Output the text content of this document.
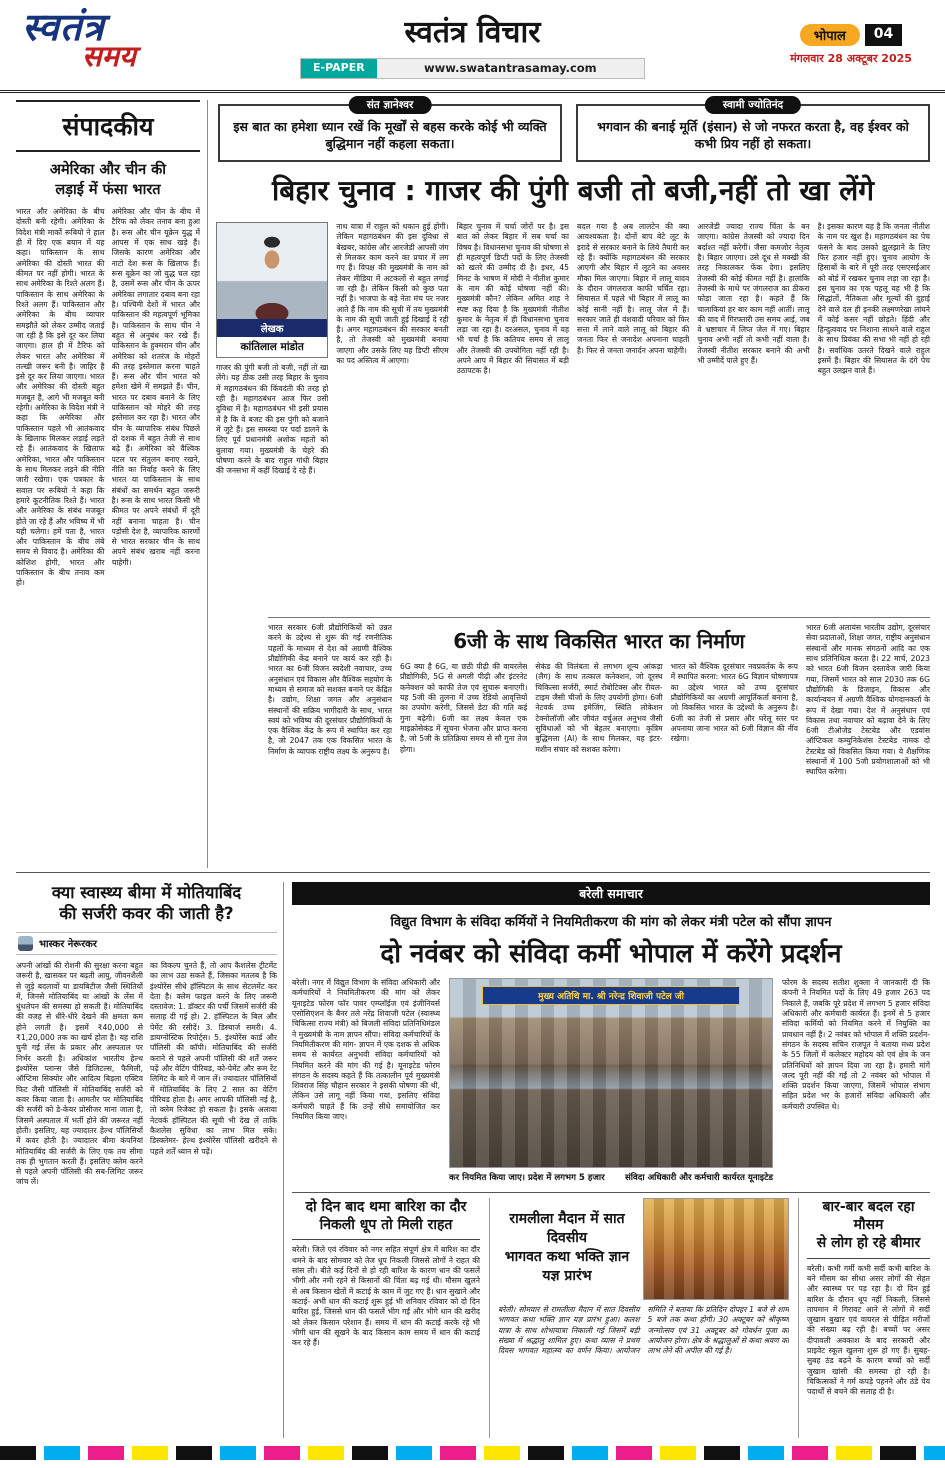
स्वतंत्र
समय
स्वतंत्र विचार
E-PAPER	www.swatantrasamay.com
भोपाल	04
मंगलवार 28 अक्टूबर 2025
संत ज्ञानेश्वर
इस बात का हमेशा ध्यान रखें कि मूर्खों से बहस करके कोई भी व्यक्ति बुद्धिमान नहीं कहला सकता।
स्वामी ज्योतिनंद
भगवान की बनाई मूर्ति (इंसान) से जो नफरत करता है, वह ईश्वर को कभी प्रिय नहीं हो सकता।
संपादकीय
अमेरिका और चीन की
लड़ाई में फंसा भारत
भारत और अमेरिका के बीच दोस्ती बनी रहेगी। अमेरिका के विदेश मंत्री मार्को रूबियो ने हाल ही में दिए एक बयान में यह कहा। पाकिस्तान के साथ अमेरिका की दोस्ती भारत की कीमत पर नहीं होगी। भारत के साथ अमेरिका के रिश्ते अलग हैं। पाकिस्तान के साथ अमेरिका के रिश्ते अलग हैं। पाकिस्तान और अमेरिका के बीच व्यापार समझौते को लेकर उम्मीद जताई जा रही है कि इसे दूर कर लिया जाएगा। हाल ही में टैरिफ को लेकर भारत और अमेरिका में तल्खी जरूर बनी है। जाहिर है इसे दूर कर लिया जाएगा। भारत और अमेरिका की दोस्ती बहुत मजबूत है, आगे भी मजबूत बनी रहेगी। अमेरिका के विदेश मंत्री ने कहा कि अमेरिका और पाकिस्तान पहले भी आतंकवाद के खिलाफ मिलकर लड़ाई लड़ते रहे हैं। आतंकवाद के खिलाफ अमेरिका, भारत और पाकिस्तान के साथ मिलकर लड़ने की नीति जारी रखेगा। एक पत्रकार के सवाल पर रूबियो ने कहा कि हमारे कूटनीतिक रिश्ते हैं। भारत और अमेरिका के संबंध मजबूत होते जा रहे हैं और भविष्य में भी यही चलेगा। हमें पता है, भारत और पाकिस्तान के बीच लंबे समय से विवाद है। अमेरिका की कोशिश होगी, भारत और पाकिस्तान के बीच तनाव कम हो।
अमेरिका और चीन के बीच में टैरिफ को लेकर तनाव बना हुआ है। रूस और चीन यूक्रेन युद्ध में आपस में एक साथ खड़े हैं। जिसके कारण अमेरिका और नाटो देश रूस के खिलाफ हैं। रूस यूक्रेन का जो युद्ध चल रहा है, उसमें रूस और चीन के ऊपर अमेरिका लगातार दबाव बना रहा है। पश्चिमी देशों में भारत और पाकिस्तान की महत्वपूर्ण भूमिका है। पाकिस्तान के साथ चीन ने बहुत से अनुबंध कर रखे हैं। पाकिस्तान के हुक्मरान चीन और अमेरिका को शतरंज के मोहरों की तरह इस्तेमाल करना चाहते हैं। रूस और चीन भारत को हमेशा खेमे में समझते हैं। चीन, भारत पर दबाव बनाने के लिए पाकिस्तान को मोहरे की तरह इस्तेमाल कर रहा है। भारत और चीन के व्यापारिक संबंध पिछले दो दशक में बहुत तेजी से साथ बढ़े हैं। अमेरिका को वैश्विक पटल पर संतुलन बनाए रखने, नीति का निर्वाह करने के लिए भारत या पाकिस्तान के साथ संबंधों का समर्थन बहुत जरूरी है। रूस के साथ भारत किसी भी कीमत पर अपने संबंधों में दूरी नहीं बनाना चाहता है। चीन पड़ोसी देश है, व्यापारिक कारणों से भारत सरकार चीन के साथ अपने संबंध खराब नहीं करना चाहेगी।
बिहार चुनाव : गाजर की पुंगी बजी तो बजी,नहीं तो खा लेंगे
लेखक
कांतिलाल मांडोत
गाजर की पुंगी बजी तो बजी, नहीं तो खा लेंगे। यह ठीक उसी तरह बिहार के चुनाव में महागठबंधन की किंवदंती की तरह हो रही है। महागठबंधन आज फिर उसी दुविधा में है। महागठबंधन भी इसी प्रयास में है कि वे बजट की इस पुंगी को बजाने में जुटे हैं। इस समस्या पर पर्दा डालने के लिए पूर्व प्रधानमंत्री अशोक महतो को बुलावा गया। मुख्यमंत्री के चेहरे की घोषणा करने के बाद राहुल गांधी बिहार की जनसभा में कहीं दिखाई दे रहे हैं।
नाथ यात्रा में राहुल को थकान हुई होगी। लेकिन महागठबंधन की इस दुविधा से बेखबर, कांग्रेस और आरजेडी आपसी जंग से मिलकर काम करने का प्रचार में लग गए हैं। विपक्ष की मुख्यमंत्री के नाम को लेकर मीडिया में अटकलों से बहुत लगाई जा रही है। लेकिन किसी को कुछ पता नहीं है। भाजपा के बड़े नेता मंच पर नजर आते हैं कि नाम की सूची में तय मुख्यमंत्री के नाम की सूची जाती हुई दिखाई दे रही है। अगर महागठबंधन की सरकार बनती है, तो तेजस्वी को मुख्यमंत्री बनाया जाएगा और उसके लिए यह डिप्टी सीएम का पद अस्तित्व में आएगा।
बिहार चुनाव में चर्चा जोरों पर है। इस बात को लेकर बिहार में सब चर्चा का विषय है। विधानसभा चुनाव की घोषणा से ही महत्वपूर्ण डिप्टी पदों के लिए तेजस्वी को खतरे की उम्मीद दी है। इधर, 45 मिनट के भाषण में मोदी ने नीतीश कुमार के नाम की कोई घोषणा नहीं की। मुख्यमंत्री कौन? लेकिन अमित शाह ने स्पष्ट कह दिया है कि मुख्यमंत्री नीतीश कुमार के नेतृत्व में ही विधानसभा चुनाव लड़ा जा रहा है। दरअसल, चुनाव में यह भी चर्चा है कि कतिपय समय से लालू और तेजस्वी की उपयोगिता नहीं रही है। अपने आप में बिहार की सियासत में बड़ी उठापटक है।
बदल गया है अब लालटेन की क्या आवश्यकता है। दोनों बाप बेटे लूट के इरादे से सरकार बनाने के लिये तैयारी कर रहे हैं। क्योंकि महागठबंधन की सरकार आएगी और बिहार में लूटने का अवसर मौका मिल जाएगा। बिहार में लालू यादव के दौरान जंगलराज काफी चर्चित रहा। सियासत में पहले भी बिहार में लालू का कोई सानी नहीं है। लालू जेल में हैं। सरकार जाते ही वंशवादी परिवार को फिर सत्ता में लाने वाले लालू को बिहार की जनता फिर से जनादेश अपनाना चाहती है। फिर से जनता जनार्दन अपना चाहेगी।
आरजेडी ज्यादा राज्य चिंता के बन जाएगा। कांग्रेस तेजस्वी को ज्यादा दिन बर्दाश्त नहीं करेगी। जैसा कमजोर नेतृत्व है। बिहार जाएगा। उसे दूध से मक्खी की तरह निकालकर फेंक देगा। इसलिए तेजस्वी की कोई कीमत नहीं है। हालांकि तेजस्वी के माथे पर जंगलराज का ठीकरा फोड़ा जाता रहा है। कहते हैं कि चालाकियां हर बार काम नहीं आतीं। लालू की याद में गिरफ्तारी उस समय आई, जब वे भ्रष्टाचार में लिप्त जेल में गए। बिहार चुनाव अभी नहीं तो कभी नहीं वाला है। तेजस्वी नीतीश सरकार बनाने की अभी भी उम्मीदें पाले हुए हैं।
है। इसका कारण यह है कि जनता नीतीश के नाम पर खुश है। महागठबंधन का पेच फंसने के बाद उसको झुलझाने के लिए फिर हजार नहीं हुए। चुनाव आयोग के हिसाबों के बारे में पूरी तरह एसएसईआर को बोर्ड में रखकर चुनाव लड़ा जा रहा है। इस चुनाव का एक पहलू यह भी है कि सिद्धांतों, नैतिकता और मूल्यों की दुहाई देने वाले दल ही इनकी लक्ष्मणरेखा लांघने में कोई कसर नहीं छोड़ते। हिंदी और हिन्दुत्ववाद पर निशाना साधने वाले राहुल के साथ प्रियंका की सभा भी नहीं हो रही है। सर्वाधिक उतरते दिखने वाले राहुल इसमें हैं। बिहार की सियासत के दंगे पेच बहुत उलझन वाले हैं।
भारत सरकार 6जी प्रौद्योगिकियों को उन्नत करने के उद्देश्य से शुरू की गई रणनीतिक पहलों के माध्यम से देश को अग्रणी वैश्विक प्रौद्योगिकी केंद्र बनाने पर कार्य कर रही है। भारत का 6जी विजन स्वदेशी नवाचार, उच्च अनुसंधान एवं विकास और वैश्विक सहयोग के माध्यम से समाज को सशक्त बनाने पर केंद्रित है। उद्योग, शिक्षा जगत और अनुसंधान संस्थानों की सक्रिय भागीदारी के साथ, भारत स्वयं को भविष्य की दूरसंचार प्रौद्योगिकियों के एक वैश्विक केंद्र के रूप में स्थापित कर रहा है, जो 2047 तक एक विकसित भारत के निर्माण के व्यापक राष्ट्रीय लक्ष्य के अनुरूप है।
6जी के साथ विकसित भारत का निर्माण
6G क्या है 6G, या छठी पीढ़ी की वायरलेस प्रौद्योगिकी, 5G से अगली पीढ़ी और इंटरनेट कनेक्शन को काफी तेज एवं सुचारू बनाएगी। यह 5जी की तुलना में उच्च रेडियो आवृत्तियों का उपयोग करेगी, जिससे डेटा की गति कई गुना बढ़ेगी। 6जी का लक्ष्य केवल एक माइक्रोसेकंड में सूचना भेजना और प्राप्त करना है, जो 5जी के प्रतिक्रिया समय से सौ गुना तेज होगा।
सेकंड की विलंबता से लगभग शून्य आंकड़ा (लैग) के साथ तत्काल कनेक्शन, जो दूरस्थ चिकित्सा सर्जरी, स्मार्ट रोबोटिक्स और रीयल-टाइम जैसी चीजों के लिए उपयोगी होगा। 6जी नेटवर्क उच्च इमेजिंग, स्थिति लोकेशन टेक्नोलॉजी और जीवंत वर्चुअल अनुभव जैसी सुविधाओं को भी बेहतर बनाएगा। कृत्रिम बुद्धिमत्ता (AI) के साथ मिलकर, यह इंटर-मशीन संचार को सशक्त करेगा।
भारत को वैश्विक दूरसंचार नवप्रवर्तक के रूप में स्थापित करना: भारत 6G विज्ञान घोषणापत्र का उद्देश्य भारत को उच्च दूरसंचार प्रौद्योगिकियों का अग्रणी आपूर्तिकर्ता बनाना है, जो विकसित भारत के उद्देश्यों के अनुरूप है। 6जी का तेजी से प्रसार और घरेलू स्तर पर अपनाया जाना भारत को 6जी विज्ञान की नींव रखेगा।
भारत 6जी अलायंस भारतीय उद्योग, दूरसंचार सेवा प्रदाताओं, शिक्षा जगत, राष्ट्रीय अनुसंधान संस्थानों और मानक संगठनों आदि का एक साथ प्रतिनिधित्व करता है। 22 मार्च, 2023 को भारत 6जी विजन दस्तावेज जारी किया गया, जिसमें भारत को साल 2030 तक 6G प्रौद्योगिकी के डिजाइन, विकास और कार्यान्वयन में अग्रणी वैश्विक योगदानकर्ता के रूप में देखा गया। देश में अनुसंधान एवं विकास तथा नवाचार को बढ़ावा देने के लिए 6जी टीओजेड टेस्टबेड और एडवांस ऑप्टिकल कम्युनिकेशंस टेस्टबेड नामक दो टेस्टबेड को विकसित किया गया। ये शैक्षणिक संस्थानों में 100 5जी प्रयोगशालाओं को भी स्थापित करेगा।
क्या स्वास्थ्य बीमा में मोतियाबिंद
की सर्जरी कवर की जाती है?
भास्कर नेरूरकर
अपनी आंखों की रोशनी की सुरक्षा करना बहुत जरूरी है, खासकर पर बढ़ती आयु, जीवनशैली से जुड़े बदलावों या डायबिटीज जैसी स्थितियों में, जिनसे मोतियाबिंद या आंखों के लेंस में धुंधलेपन की समस्या हो सकती है। मोतियाबिंद की वजह से धीरे-धीरे देखने की क्षमता कम होने लगती है। इसमें ₹40,000 से ₹1,20,000 तक का खर्च होता है। यह राशि चुनी गई लेंस के प्रकार और अस्पताल पर निर्भर करती है। अधिकांश भारतीय हेल्थ इंश्योरेंस प्लान्स जैसे डिजिटल्स, फैमिली, ऑप्टिमा सिक्योर और आदित्य बिड़ला एक्टिव फिट जैसी पॉलिसी में मोतियाबिंद सर्जरी को कवर किया जाता है। आमतौर पर मोतियाबिंद की सर्जरी को डे-केयर प्रोसीजर माना जाता है, जिसमें अस्पताल में भर्ती होने की जरूरत नहीं होती। इसलिए, यह ज्यादातर हेल्थ पॉलिसियों में कवर होती है। ज्यादातर बीमा कंपनियां मोतियाबिंद की सर्जरी के लिए एक तय सीमा तक ही भुगतान करती हैं। इसलिए क्लेम करने से पहले अपनी पॉलिसी की सब-लिमिट जरूर जांच लें।
का विकल्प चुनते हैं, तो आप कैशलेस ट्रीटमेंट का लाभ उठा सकते हैं, जिसका मतलब है कि इंश्योरेंस सीधे हॉस्पिटल के साथ सेटलमेंट कर देता है। क्लेम फाइल करने के लिए जरूरी दस्तावेज: 1. डॉक्टर की पर्ची जिसमें सर्जरी की सलाह दी गई हो। 2. हॉस्पिटल के बिल और पेमेंट की रसीदें। 3. डिस्चार्ज समरी। 4. डायग्नोस्टिक रिपोर्ट्स। 5. इंश्योरेंस कार्ड और पॉलिसी की कॉपी। मोतियाबिंद की सर्जरी कराने से पहले अपनी पॉलिसी की शर्तें जरूर पढ़ें और वेटिंग पीरियड, को-पेमेंट और रूम रेंट लिमिट के बारे में जान लें। ज्यादातर पॉलिसियों में मोतियाबिंद के लिए 2 साल का वेटिंग पीरियड होता है। अगर आपकी पॉलिसी नई है, तो क्लेम रिजेक्ट हो सकता है। इसके अलावा नेटवर्क हॉस्पिटल की सूची भी देख लें ताकि कैशलेस सुविधा का लाभ मिल सके। डिस्क्लेमर- हेल्थ इंश्योरेंस पॉलिसी खरीदने से पहले शर्तें ध्यान से पढ़ें।
बरेली समाचार
विद्युत विभाग के संविदा कर्मियों ने नियमितीकरण की मांग को लेकर मंत्री पटेल को सौंपा ज्ञापन
दो नवंबर को संविदा कर्मी भोपाल में करेंगे प्रदर्शन
बरेली। नगर में विद्युत विभाग के संविदा अधिकारी और कर्मचारियों ने नियमितीकरण की मांग को लेकर यूनाइटेड फोरम फॉर पावर एम्प्लॉईज एवं इंजीनियर्स एसोसिएशन के बैनर तले नरेंद्र शिवाजी पटेल (स्वास्थ्य चिकित्सा राज्य मंत्री) को बिजली संविदा प्रतिनिधिमंडल ने मुख्यमंत्री के नाम ज्ञापन सौंपा। संविदा कर्मचारियों के नियमितीकरण की मांग- ज्ञापन में एक दशक से अधिक समय से कार्यरत अनुभवी संविदा कर्मचारियों को नियमित करने की मांग की गई है। यूनाइटेड फोरम संगठन के सदस्य कहते हैं कि तत्कालीन पूर्व मुख्यमंत्री शिवराज सिंह चौहान सरकार ने इसकी घोषणा की थी, लेकिन उसे लागू नहीं किया गया, इसलिए संविदा कर्मचारी चाहते हैं कि उन्हें सीधे समायोजित कर नियमित किया जाए।
मुख्य अतिथि मा. श्री नरेन्द्र शिवाजी पटेल जी
कर नियमित किया जाए। प्रदेश में लगभग 5 हजार संविदा अधिकारी और कर्मचारी कार्यरत यूनाइटेड
फोरम के सदस्य सतीश शुक्ला ने जानकारी दी कि कंपनी ने नियमित पदों के लिए 49 हजार 263 पद निकाले हैं, जबकि पूरे प्रदेश में लगभग 5 हजार संविदा अधिकारी और कर्मचारी कार्यरत हैं। इनमें से 5 हजार संविदा कर्मियों को नियमित करने में नियुक्ति का प्रावधान नहीं है। 2 नवंबर को भोपाल में शक्ति प्रदर्शन- संगठन के सदस्य सचिन राजपूत ने बताया मध्य प्रदेश के 55 जिलों में कलेक्टर महोदय को एवं क्षेत्र के जन प्रतिनिधियों को ज्ञापन दिया जा रहा है। हमारी मांगें जल्द पूरी नहीं की गईं तो 2 नवंबर को भोपाल में शक्ति प्रदर्शन किया जाएगा, जिसमें भोपाल संभाग सहित प्रदेश भर के हजारों संविदा अधिकारी और कर्मचारी उपस्थित थे।
दो दिन बाद थमा बारिश का दौर
निकली धूप तो मिली राहत
बरेली। जिले एवं रविवार को नगर सहित संपूर्ण क्षेत्र में बारिश का दौर थमने के बाद सोमवार को तेज धूप निकली जिससे लोगों ने राहत की सांस ली। बीते कई दिनों से हो रही बारिश के कारण धान की फसलें भीगी और नमी रहने से किसानों की चिंता बढ़ गई थी। मौसम खुलने से अब किसान खेतों में कटाई के काम में जुट गए हैं। धान सुखाने और कटाई- अभी धान की कटाई शुरू हुई भी शनिवार रविवार को दो दिन बारिश हुई, जिससे धान की फसलें भीग गईं और भीगे धान की खरीद को लेकर किसान परेशान हैं। समय में धान की कटाई करके रहे भी भीगी धान की सूखने के बाद किसान काम समय में धान की कटाई कर रहे हैं।
रामलीला मैदान में सात दिवसीय
भागवत कथा भक्ति ज्ञान यज्ञ प्रारंभ
बरेली। सोमवार से रामलीला मैदान में सात दिवसीय भागवत कथा भक्ति ज्ञान यज्ञ प्रारंभ हुआ। कलश यात्रा के साथ शोभायात्रा निकाली गई जिसमें बड़ी संख्या में श्रद्धालु शामिल हुए। कथा व्यास ने प्रथम दिवस भागवत महात्म्य का वर्णन किया। आयोजन समिति ने बताया कि प्रतिदिन दोपहर 1 बजे से शाम 5 बजे तक कथा होगी। 30 अक्टूबर को श्रीकृष्ण जन्मोत्सव एवं 31 अक्टूबर को गोवर्धन पूजा का आयोजन होगा। क्षेत्र के श्रद्धालुओं से कथा श्रवण का लाभ लेने की अपील की गई है।
बार-बार बदल रहा मौसम
से लोग हो रहे बीमार
बरेली। कभी गर्मी कभी सर्दी कभी बारिश के बने मौसम का सीधा असर लोगों की सेहत और स्वास्थ्य पर पड़ रहा है। दो दिन हुई बारिश के दौरान धूप नहीं निकली, जिससे तापमान में गिरावट आने से लोगों में सर्दी जुखाम बुखार एवं वायरल से पीड़ित मरीजों की संख्या बढ़ रही है। बच्चों पर असर दीपावली अवकाश के बाद सरकारी और प्राइवेट स्कूल खुलना शुरू हो गए हैं। सुबह-सुबह ठंड बढ़ने के कारण बच्चों को सर्दी जुखाम खांसी की समस्या हो रही है। चिकित्सकों ने गर्म कपड़े पहनने और ठंडे पेय पदार्थों से बचने की सलाह दी है।
